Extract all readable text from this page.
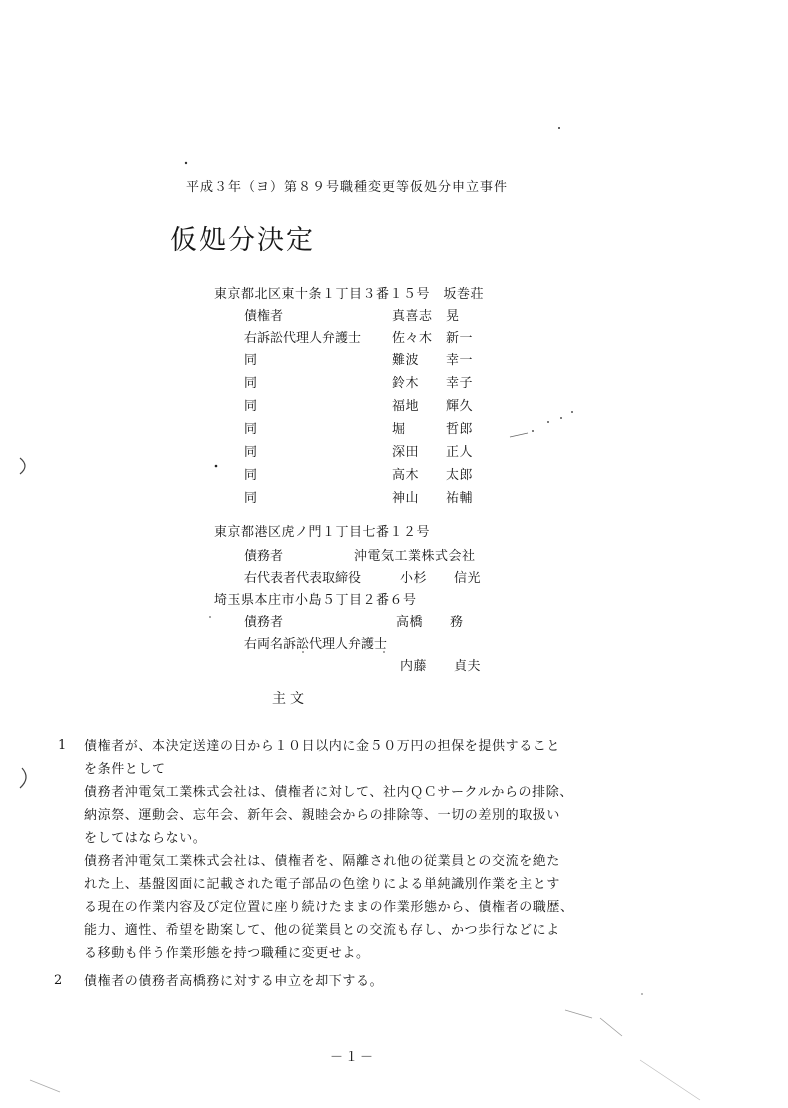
平成３年（ヨ）第８９号職種変更等仮処分申立事件
仮処分決定
東京都北区東十条１丁目３番１５号　坂巻荘
債権者	真喜志　晃
右訴訟代理人弁護士 佐々木　新一
同	難波　　幸一
同	鈴木　　幸子
同	福地　　輝久
同	堀　　　哲郎
同	深田　　正人
同	高木　　太郎
同	神山　　祐輔
東京都港区虎ノ門１丁目七番１２号
債務者	沖電気工業株式会社
右代表者代表取締役	小杉　　信光
埼玉県本庄市小島５丁目２番６号
債務者	高橋　　務
右両名訴訟代理人弁護士
内藤　　貞夫
主文
1 債権者が、本決定送達の日から１０日以内に金５０万円の担保を提供すること
を条件として
債務者沖電気工業株式会社は、債権者に対して、社内ＱＣサークルからの排除、
納涼祭、運動会、忘年会、新年会、親睦会からの排除等、一切の差別的取扱い
をしてはならない。
債務者沖電気工業株式会社は、債権者を、隔離され他の従業員との交流を絶た
れた上、基盤図面に記載された電子部品の色塗りによる単純識別作業を主とす
る現在の作業内容及び定位置に座り続けたままの作業形態から、債権者の職歴、
能力、適性、希望を勘案して、他の従業員との交流も存し、かつ歩行などによ
る移動も伴う作業形態を持つ職種に変更せよ。
2 債権者の債務者高橋務に対する申立を却下する。
－１－
